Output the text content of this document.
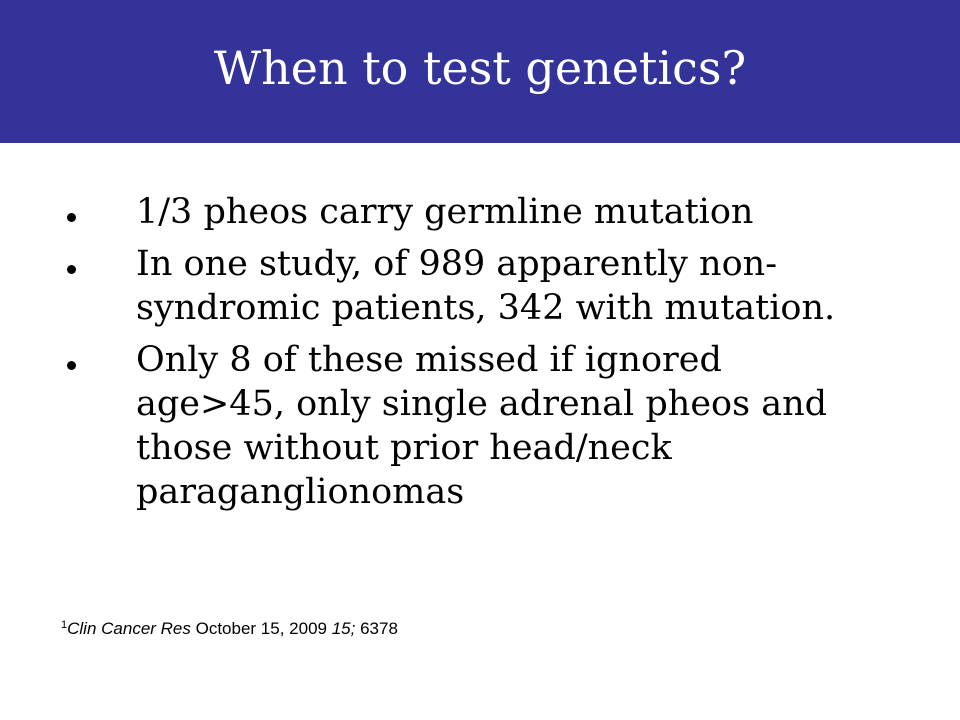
When to test genetics?
1/3 pheos carry germline mutation
In one study, of 989 apparently non-syndromic patients, 342 with mutation.
Only 8 of these missed if ignored age>45, only single adrenal pheos and those without prior head/neck paraganglionomas
$^1$Clin Cancer Res October 15, 2009 15; 6378
